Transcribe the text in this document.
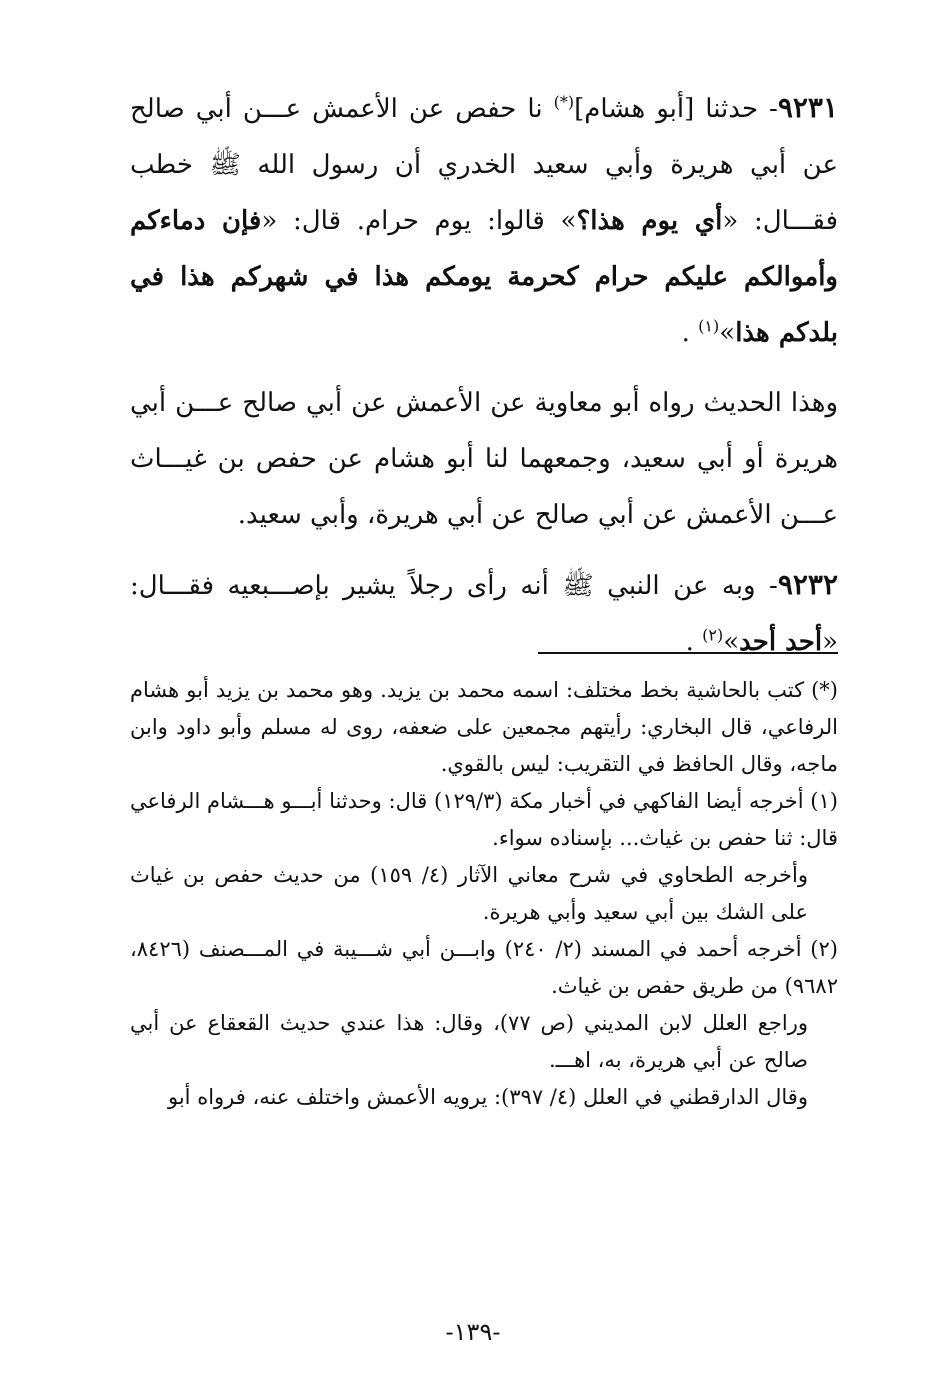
٩٢٣١- حدثنا [أبو هشام](*) نا حفص عن الأعمش عـــن أبي صالح عن أبي هريرة وأبي سعيد الخدري أن رسول الله ﷺ خطب فقـــال: «أي يوم هذا؟» قالوا: يوم حرام. قال: «فإن دماءكم وأموالكم عليكم حرام كحرمة يومكم هذا في شهركم هذا في بلدكم هذا»$^{(١)}$ .

وهذا الحديث رواه أبو معاوية عن الأعمش عن أبي صالح عـــن أبي هريرة أو أبي سعيد، وجمعهما لنا أبو هشام عن حفص بن غيـــاث عـــن الأعمش عن أبي صالح عن أبي هريرة، وأبي سعيد.

٩٢٣٢- وبه عن النبي ﷺ أنه رأى رجلاً يشير بإصـــبعيه فقـــال: «أحد أحد»$^{(٢)}$ .

(*) كتب بالحاشية بخط مختلف: اسمه محمد بن يزيد. وهو محمد بن يزيد أبو هشام الرفاعي، قال البخاري: رأيتهم مجمعين على ضعفه، روى له مسلم وأبو داود وابن ماجه، وقال الحافظ في التقريب: ليس بالقوي.

(١) أخرجه أيضا الفاكهي في أخبار مكة (١٢٩/٣) قال: وحدثنا أبـــو هـــشام الرفاعي قال: ثنا حفص بن غياث... بإسناده سواء.

وأخرجه الطحاوي في شرح معاني الآثار (٤/ ١٥٩) من حديث حفص بن غياث على الشك بين أبي سعيد وأبي هريرة.

(٢) أخرجه أحمد في المسند (٢/ ٢٤٠) وابـــن أبي شـــيبة في المـــصنف (٨٤٢٦، ٩٦٨٢) من طريق حفص بن غياث.

وراجع العلل لابن المديني (ص ٧٧)، وقال: هذا عندي حديث القعقاع عن أبي صالح عن أبي هريرة، به، اهـــ.

وقال الدارقطني في العلل (٤/ ٣٩٧): يرويه الأعمش واختلف عنه، فرواه أبو

-١٣٩-
